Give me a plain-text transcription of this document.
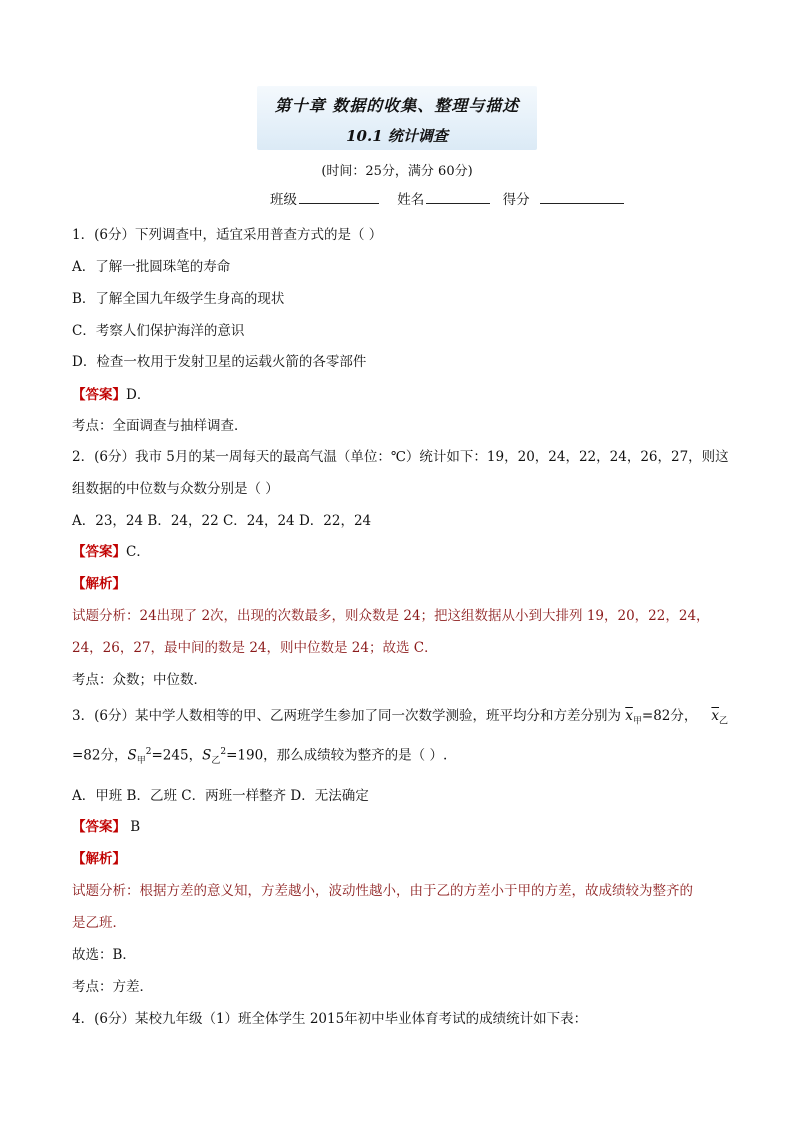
第十章 数据的收集、整理与描述
10.1 统计调查
(时间：25分，满分 60分)
班级	姓名	得分
1．(6分）下列调查中，适宜采用普查方式的是（ ）
A．了解一批圆珠笔的寿命
B．了解全国九年级学生身高的现状
C．考察人们保护海洋的意识
D．检查一枚用于发射卫星的运载火箭的各零部件
【答案】D．
考点：全面调查与抽样调查．
2．(6分）我市 5月的某一周每天的最高气温（单位：℃）统计如下：19，20，24，22，24，26，27，则这
组数据的中位数与众数分别是（ ）
A．23，24 B．24，22 C．24，24 D．22，24
【答案】C．
【解析】
试题分析：24出现了 2次，出现的次数最多，则众数是 24；把这组数据从小到大排列 19，20，22，24，
24，26，27，最中间的数是 24，则中位数是 24；故选 C．
考点：众数；中位数．
3．(6分）某中学人数相等的甲、乙两班学生参加了同一次数学测验，班平均分和方差分别为 $\overline{x}_甲=82$分， $\overline{x}_乙$
=82分，$S_甲^2=245$，$S_乙^2=190$，那么成绩较为整齐的是（ ）.
A．甲班 B．乙班 C．两班一样整齐 D．无法确定
【答案】 B
【解析】
试题分析：根据方差的意义知，方差越小，波动性越小，由于乙的方差小于甲的方差，故成绩较为整齐的
是乙班．
故选：B．
考点：方差．
4．(6分）某校九年级（1）班全体学生 2015年初中毕业体育考试的成绩统计如下表：
